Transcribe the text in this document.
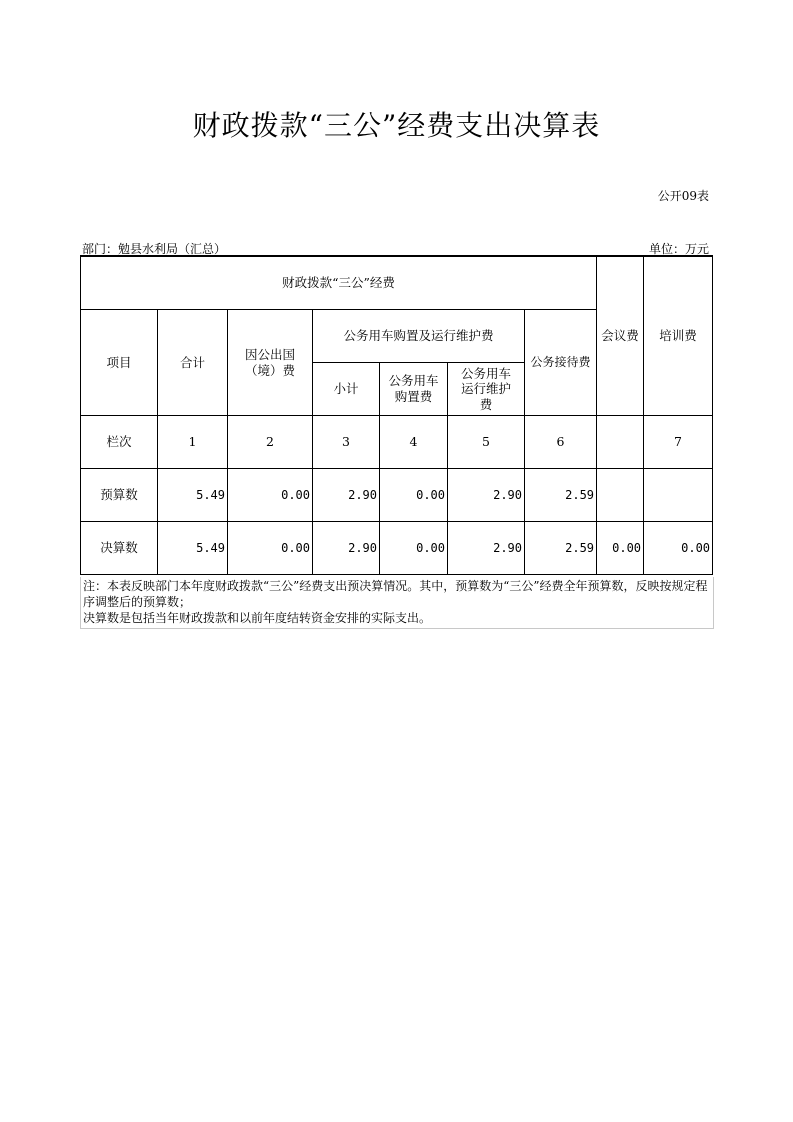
财政拨款“三公”经费支出决算表
公开09表
部门：勉县水利局（汇总）	单位：万元
财政拨款“三公”经费							会议费	培训费
项目	合计	因公出国（境）费	公务用车购置及运行维护费			公务接待费		
			小计	公务用车购置费	公务用车运行维护费			
栏次	1	2	3	4	5	6		7
预算数	5.49	0.00	2.90	0.00	2.90	2.59		
决算数	5.49	0.00	2.90	0.00	2.90	2.59	0.00	0.00
注：本表反映部门本年度财政拨款“三公”经费支出预决算情况。其中，预算数为“三公”经费全年预算数，反映按规定程序调整后的预算数；
决算数是包括当年财政拨款和以前年度结转资金安排的实际支出。
